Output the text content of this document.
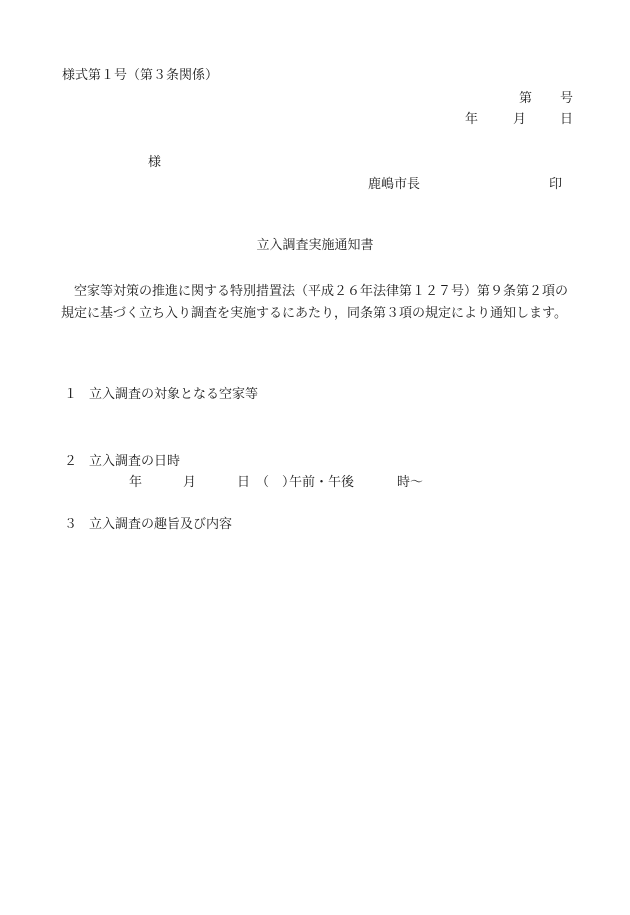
様式第１号（第３条関係）
第 号
年	月	日
様
鹿嶋市長	印
立入調査実施通知書
空家等対策の推進に関する特別措置法（平成２６年法律第１２７号）第９条第２項の規定に基づく立ち入り調査を実施するにあたり，同条第３項の規定により通知します。
１ 立入調査の対象となる空家等
２ 立入調査の日時
年	月	日 （　）
午前・午後	時～
３ 立入調査の趣旨及び内容
